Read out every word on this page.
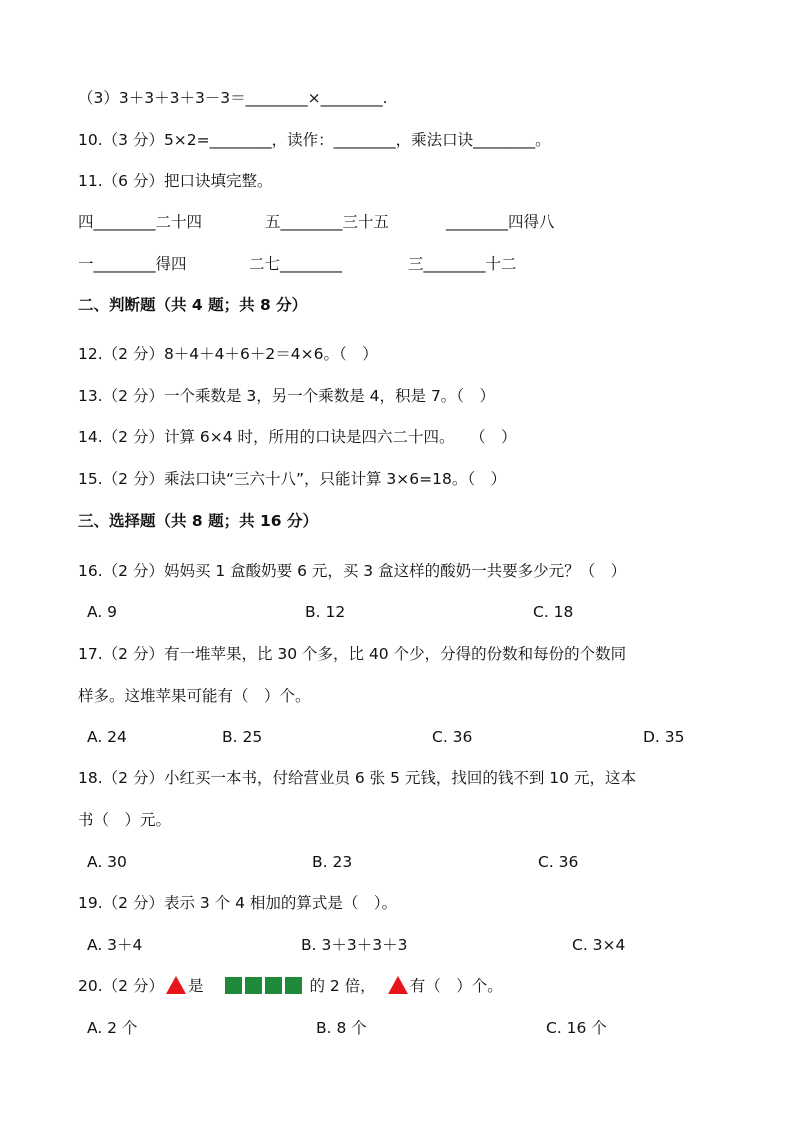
（3）3＋3＋3＋3－3＝________×________.
10.（3 分）5×2=________，读作：________，乘法口诀________。
11.（6 分）把口诀填完整。
四________二十四	五________三十五	________四得八
一________得四	二七________	三________十二
二、判断题（共 4 题；共 8 分）
12.（2 分）8＋4＋4＋6＋2＝4×6。（　）
13.（2 分）一个乘数是 3，另一个乘数是 4，积是 7。（　）
14.（2 分）计算 6×4 时，所用的口诀是四六二十四。　　（　）
15.（2 分）乘法口诀“三六十八”，只能计算 3×6=18。（　）
三、选择题（共 8 题；共 16 分）
16.（2 分）妈妈买 1 盒酸奶要 6 元，买 3 盒这样的酸奶一共要多少元？（　）
A. 9	B. 12	C. 18
17.（2 分）有一堆苹果，比 30 个多，比 40 个少，分得的份数和每份的个数同
样多。这堆苹果可能有（　）个。
A. 24	B. 25	C. 36	D. 35
18.（2 分）小红买一本书，付给营业员 6 张 5 元钱，找回的钱不到 10 元，这本
书（　）元。
A. 30	B. 23	C. 36
19.（2 分）表示 3 个 4 相加的算式是（　）。
A. 3＋4	B. 3＋3＋3＋3	C. 3×4
20.（2 分） 是	的 2 倍， 有（　）个。
A. 2 个	B. 8 个	C. 16 个
